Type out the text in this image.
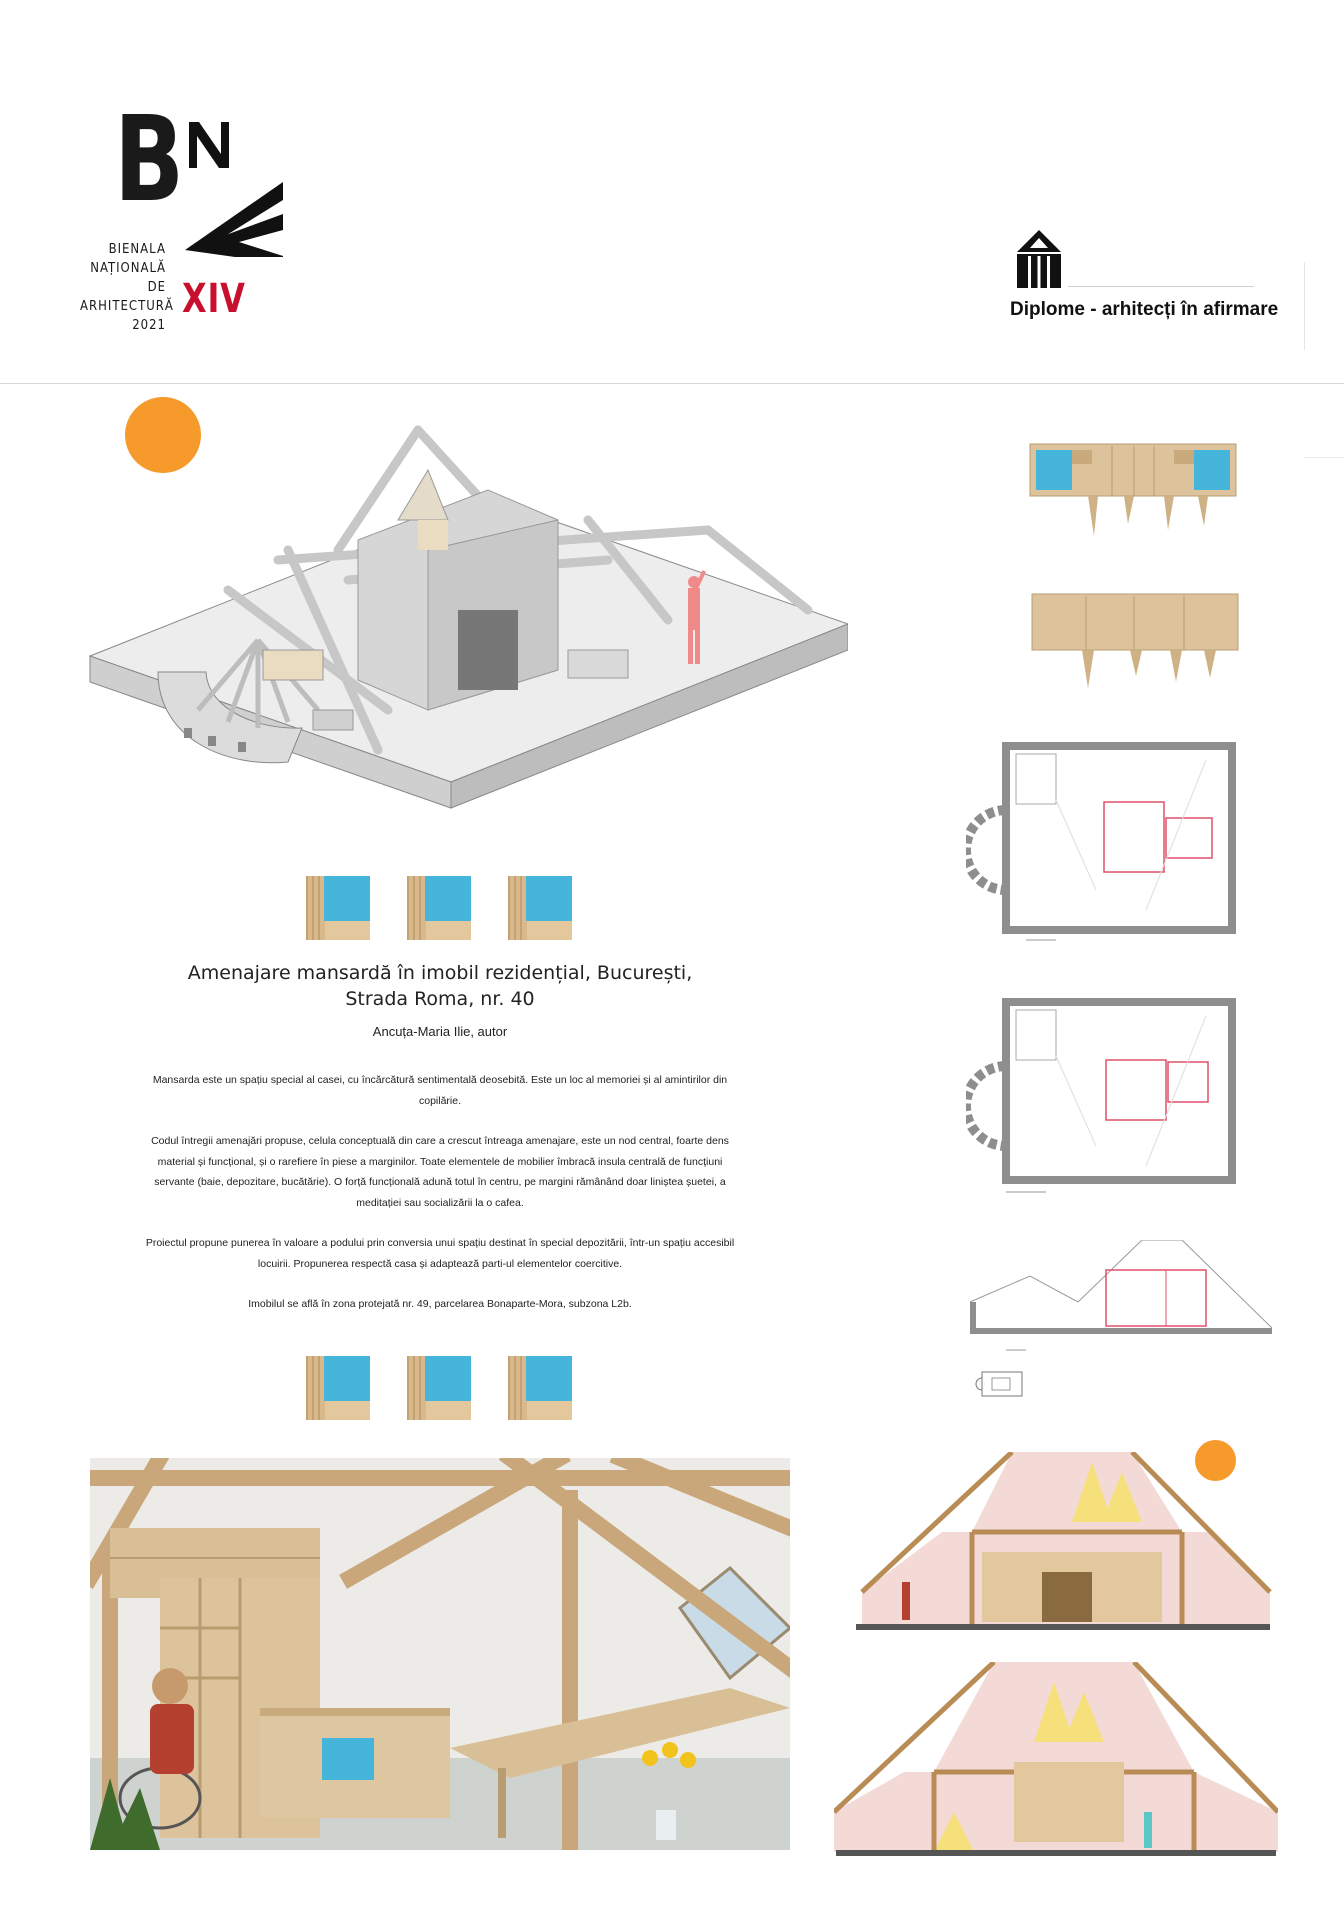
B
BIENALA
NAȚIONALĂ
DE
ARHITECTURĂ
2021
XIV	Diplome - arhitecți în afirmare
Amenajare mansardă în imobil rezidențial, București,
Strada Roma, nr. 40
Ancuța-Maria Ilie, autor

Mansarda este un spațiu special al casei, cu încărcătură sentimentală deosebită. Este un loc al memoriei și al amintirilor din copilărie.

Codul întregii amenajări propuse, celula conceptuală din care a crescut întreaga amenajare, este un nod central, foarte dens material și funcțional, și o rarefiere în piese a marginilor. Toate elementele de mobilier îmbracă insula centrală de funcțiuni servante (baie, depozitare, bucătărie). O forță funcțională adună totul în centru, pe margini rămânând doar liniștea șuetei, a meditației sau socializării la o cafea.

Proiectul propune punerea în valoare a podului prin conversia unui spațiu destinat în special depozitării, într-un spațiu accesibil locuirii. Propunerea respectă casa și adaptează parti-ul elementelor coercitive.

Imobilul se află în zona protejată nr. 49, parcelarea Bonaparte-Mora, subzona L2b.
